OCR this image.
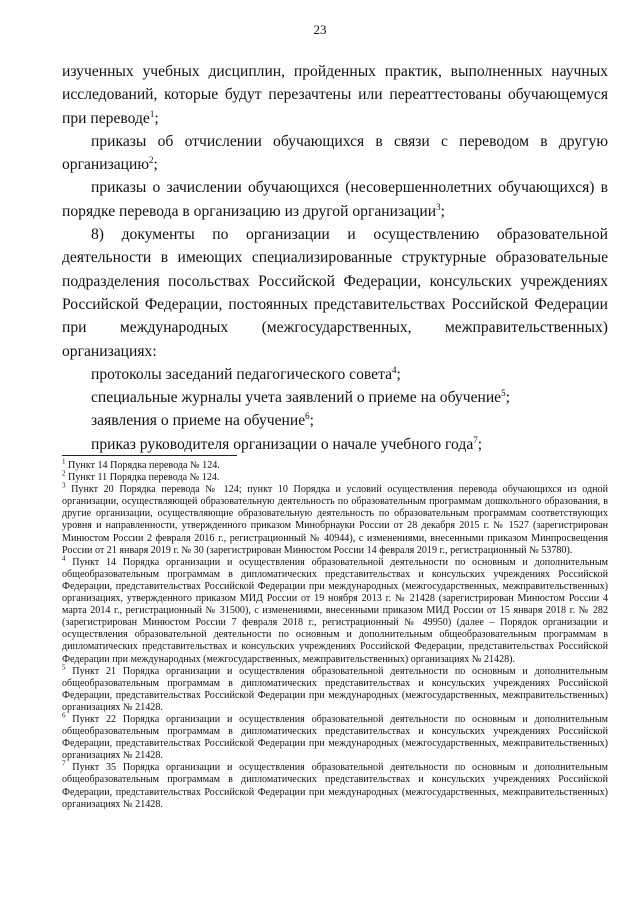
23

изученных учебных дисциплин, пройденных практик, выполненных научных исследований, которые будут перезачтены или переаттестованы обучающемуся при переводе$^1$;

приказы об отчислении обучающихся в связи с переводом в другую организацию$^2$;

приказы о зачислении обучающихся (несовершеннолетних обучающихся) в порядке перевода в организацию из другой организации$^3$;

8) документы по организации и осуществлению образовательной деятельности в имеющих специализированные структурные образовательные подразделения посольствах Российской Федерации, консульских учреждениях Российской Федерации, постоянных представительствах Российской Федерации при международных (межгосударственных, межправительственных) организациях:

протоколы заседаний педагогического совета$^4$;

специальные журналы учета заявлений о приеме на обучение$^5$;

заявления о приеме на обучение$^6$;

приказ руководителя организации о начале учебного года$^7$;

$^1$ Пункт 14 Порядка перевода № 124.

$^2$ Пункт 11 Порядка перевода № 124.

$^3$ Пункт 20 Порядка перевода № 124; пункт 10 Порядка и условий осуществления перевода обучающихся из одной организации, осуществляющей образовательную деятельность по образовательным программам дошкольного образования, в другие организации, осуществляющие образовательную деятельность по образовательным программам соответствующих уровня и направленности, утвержденного приказом Минобрнауки России от 28 декабря 2015 г. № 1527 (зарегистрирован Минюстом России 2 февраля 2016 г., регистрационный № 40944), с изменениями, внесенными приказом Минпросвещения России от 21 января 2019 г. № 30 (зарегистрирован Минюстом России 14 февраля 2019 г., регистрационный № 53780).

$^4$ Пункт 14 Порядка организации и осуществления образовательной деятельности по основным и дополнительным общеобразовательным программам в дипломатических представительствах и консульских учреждениях Российской Федерации, представительствах Российской Федерации при международных (межгосударственных, межправительственных) организациях, утвержденного приказом МИД России от 19 ноября 2013 г. № 21428 (зарегистрирован Минюстом России 4 марта 2014 г., регистрационный № 31500), с изменениями, внесенными приказом МИД России от 15 января 2018 г. № 282 (зарегистрирован Минюстом России 7 февраля 2018 г., регистрационный № 49950) (далее – Порядок организации и осуществления образовательной деятельности по основным и дополнительным общеобразовательным программам в дипломатических представительствах и консульских учреждениях Российской Федерации, представительствах Российской Федерации при международных (межгосударственных, межправительственных) организациях № 21428).

$^5$ Пункт 21 Порядка организации и осуществления образовательной деятельности по основным и дополнительным общеобразовательным программам в дипломатических представительствах и консульских учреждениях Российской Федерации, представительствах Российской Федерации при международных (межгосударственных, межправительственных) организациях № 21428.

$^6$ Пункт 22 Порядка организации и осуществления образовательной деятельности по основным и дополнительным общеобразовательным программам в дипломатических представительствах и консульских учреждениях Российской Федерации, представительствах Российской Федерации при международных (межгосударственных, межправительственных) организациях № 21428.

$^7$ Пункт 35 Порядка организации и осуществления образовательной деятельности по основным и дополнительным общеобразовательным программам в дипломатических представительствах и консульских учреждениях Российской Федерации, представительствах Российской Федерации при международных (межгосударственных, межправительственных) организациях № 21428.
